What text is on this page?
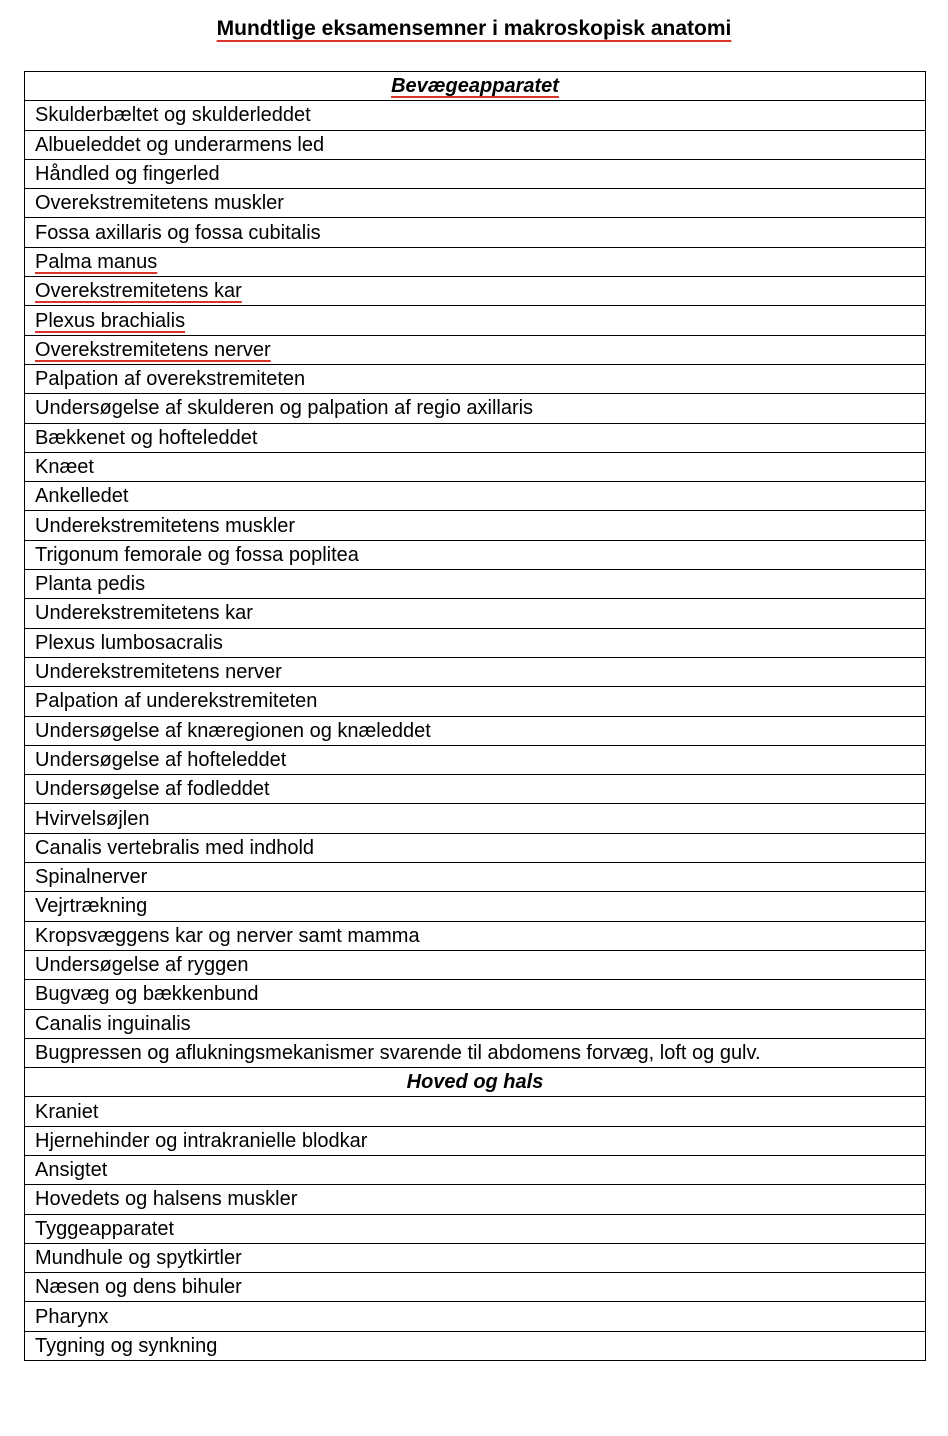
Mundtlige eksamensemner i makroskopisk anatomi
Bevægeapparatet
Skulderbæltet og skulderleddet
Albueleddet og underarmens led
Håndled og fingerled
Overekstremitetens muskler
Fossa axillaris og fossa cubitalis
Palma manus
Overekstremitetens kar
Plexus brachialis
Overekstremitetens nerver
Palpation af overekstremiteten
Undersøgelse af skulderen og palpation af regio axillaris
Bækkenet og hofteleddet
Knæet
Ankelledet
Underekstremitetens muskler
Trigonum femorale og fossa poplitea
Planta pedis
Underekstremitetens kar
Plexus lumbosacralis
Underekstremitetens nerver
Palpation af underekstremiteten
Undersøgelse af knæregionen og knæleddet
Undersøgelse af hofteleddet
Undersøgelse af fodleddet
Hvirvelsøjlen
Canalis vertebralis med indhold
Spinalnerver
Vejrtrækning
Kropsvæggens kar og nerver samt mamma
Undersøgelse af ryggen
Bugvæg og bækkenbund
Canalis inguinalis
Bugpressen og aflukningsmekanismer svarende til abdomens forvæg, loft og gulv.
Hoved og hals
Kraniet
Hjernehinder og intrakranielle blodkar
Ansigtet
Hovedets og halsens muskler
Tyggeapparatet
Mundhule og spytkirtler
Næsen og dens bihuler
Pharynx
Tygning og synkning
